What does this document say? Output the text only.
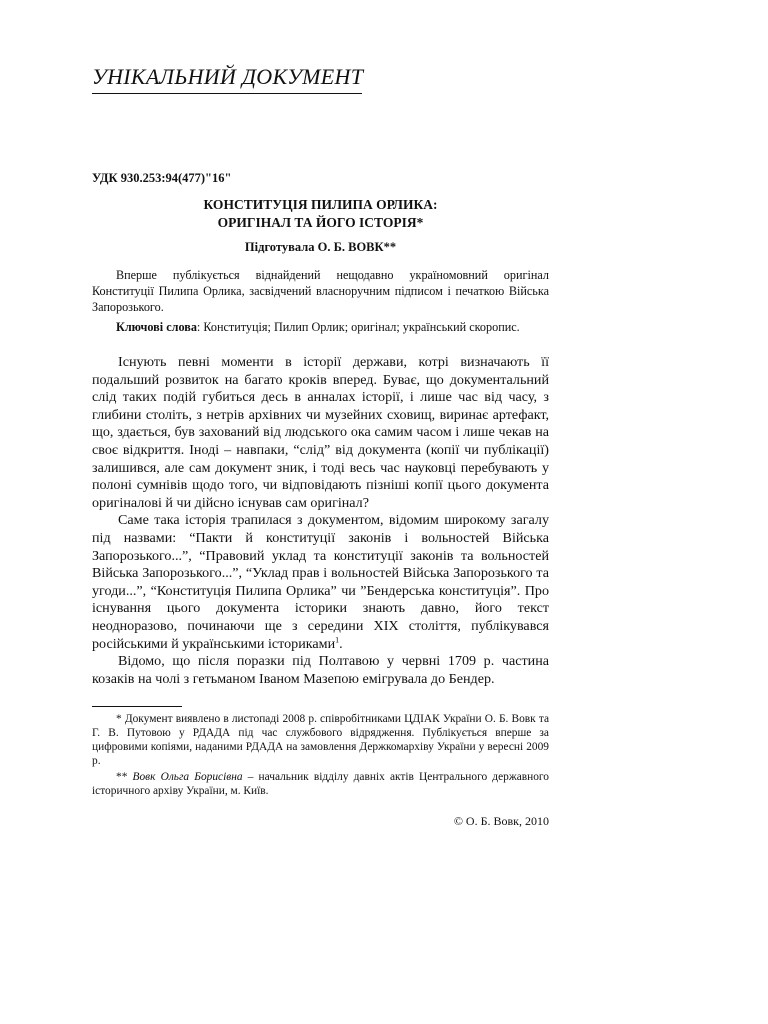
УНІКАЛЬНИЙ ДОКУМЕНТ
УДК 930.253:94(477)"16"
КОНСТИТУЦІЯ ПИЛИПА ОРЛИКА:
ОРИГІНАЛ ТА ЙОГО ІСТОРІЯ*
Підготувала О. Б. ВОВК**
Вперше публікується віднайдений нещодавно україномовний оригінал Конституції Пилипа Орлика, засвідчений власноручним підписом і печаткою Війська Запорозького.
Ключові слова: Конституція; Пилип Орлик; оригінал; український скоропис.

Існують певні моменти в історії держави, котрі визначають її подальший розвиток на багато кроків вперед. Буває, що документальний слід таких подій губиться десь в анналах історії, і лише час від часу, з глибини століть, з нетрів архівних чи музейних сховищ, виринає артефакт, що, здається, був захований від людського ока самим часом і лише чекав на своє відкриття. Іноді – навпаки, “слід” від документа (копії чи публікації) залишився, але сам документ зник, і тоді весь час науковці перебувають у полоні сумнівів щодо того, чи відповідають пізніші копії цього документа оригіналові й чи дійсно існував сам оригінал?

Саме така історія трапилася з документом, відомим широкому загалу під назвами: “Пакти й конституції законів і вольностей Війська Запорозького...”, “Правовий уклад та конституції законів та вольностей Війська Запорозького...”, “Уклад прав і вольностей Війська Запорозького та угоди...”, “Конституція Пилипа Орлика” чи ”Бендерська конституція”. Про існування цього документа історики знають давно, його текст неодноразово, починаючи ще з середини XIX століття, публікувався російськими й українськими істориками$^1$.

Відомо, що після поразки під Полтавою у червні 1709 р. частина козаків на чолі з гетьманом Іваном Мазепою емігрувала до Бендер.

* Документ виявлено в листопаді 2008 р. співробітниками ЦДІАК України О. Б. Вовк та Г. В. Путовою у РДАДА під час службового відрядження. Публікується вперше за цифровими копіями, наданими РДАДА на замовлення Держкомархіву України у вересні 2009 р.

** Вовк Ольга Борисівна – начальник відділу давніх актів Центрального державного історичного архіву України, м. Київ.

© О. Б. Вовк, 2010
